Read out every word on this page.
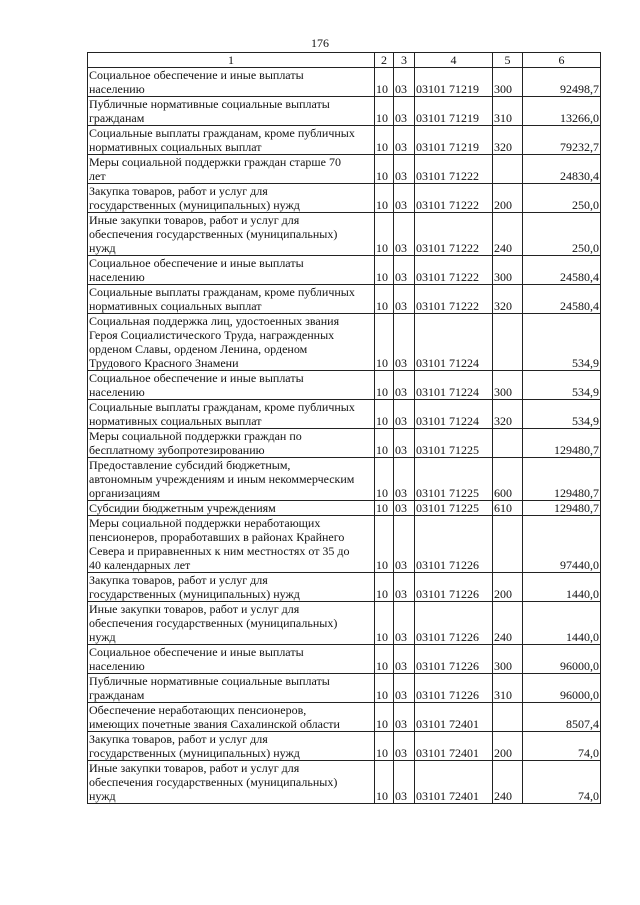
176
1	2	3	4	5	6
Социальное обеспечение и иные выплаты
населению	10	03	03101 71219	300	92498,7
Публичные нормативные социальные выплаты
гражданам	10	03	03101 71219	310	13266,0
Социальные выплаты гражданам, кроме публичных
нормативных социальных выплат	10	03	03101 71219	320	79232,7
Меры социальной поддержки граждан старше 70
лет	10	03	03101 71222		24830,4
Закупка товаров, работ и услуг для
государственных (муниципальных) нужд	10	03	03101 71222	200	250,0
Иные закупки товаров, работ и услуг для
обеспечения государственных (муниципальных)
нужд	10	03	03101 71222	240	250,0
Социальное обеспечение и иные выплаты
населению	10	03	03101 71222	300	24580,4
Социальные выплаты гражданам, кроме публичных
нормативных социальных выплат	10	03	03101 71222	320	24580,4
Социальная поддержка лиц, удостоенных звания
Героя Социалистического Труда, награжденных
орденом Славы, орденом Ленина, орденом
Трудового Красного Знамени	10	03	03101 71224		534,9
Социальное обеспечение и иные выплаты
населению	10	03	03101 71224	300	534,9
Социальные выплаты гражданам, кроме публичных
нормативных социальных выплат	10	03	03101 71224	320	534,9
Меры социальной поддержки граждан по
бесплатному зубопротезированию	10	03	03101 71225		129480,7
Предоставление субсидий бюджетным,
автономным учреждениям и иным некоммерческим
организациям	10	03	03101 71225	600	129480,7
Субсидии бюджетным учреждениям	10	03	03101 71225	610	129480,7
Меры социальной поддержки неработающих
пенсионеров, проработавших в районах Крайнего
Севера и приравненных к ним местностях от 35 до
40 календарных лет	10	03	03101 71226		97440,0
Закупка товаров, работ и услуг для
государственных (муниципальных) нужд	10	03	03101 71226	200	1440,0
Иные закупки товаров, работ и услуг для
обеспечения государственных (муниципальных)
нужд	10	03	03101 71226	240	1440,0
Социальное обеспечение и иные выплаты
населению	10	03	03101 71226	300	96000,0
Публичные нормативные социальные выплаты
гражданам	10	03	03101 71226	310	96000,0
Обеспечение неработающих пенсионеров,
имеющих почетные звания Сахалинской области	10	03	03101 72401		8507,4
Закупка товаров, работ и услуг для
государственных (муниципальных) нужд	10	03	03101 72401	200	74,0
Иные закупки товаров, работ и услуг для
обеспечения государственных (муниципальных)
нужд	10	03	03101 72401	240	74,0
